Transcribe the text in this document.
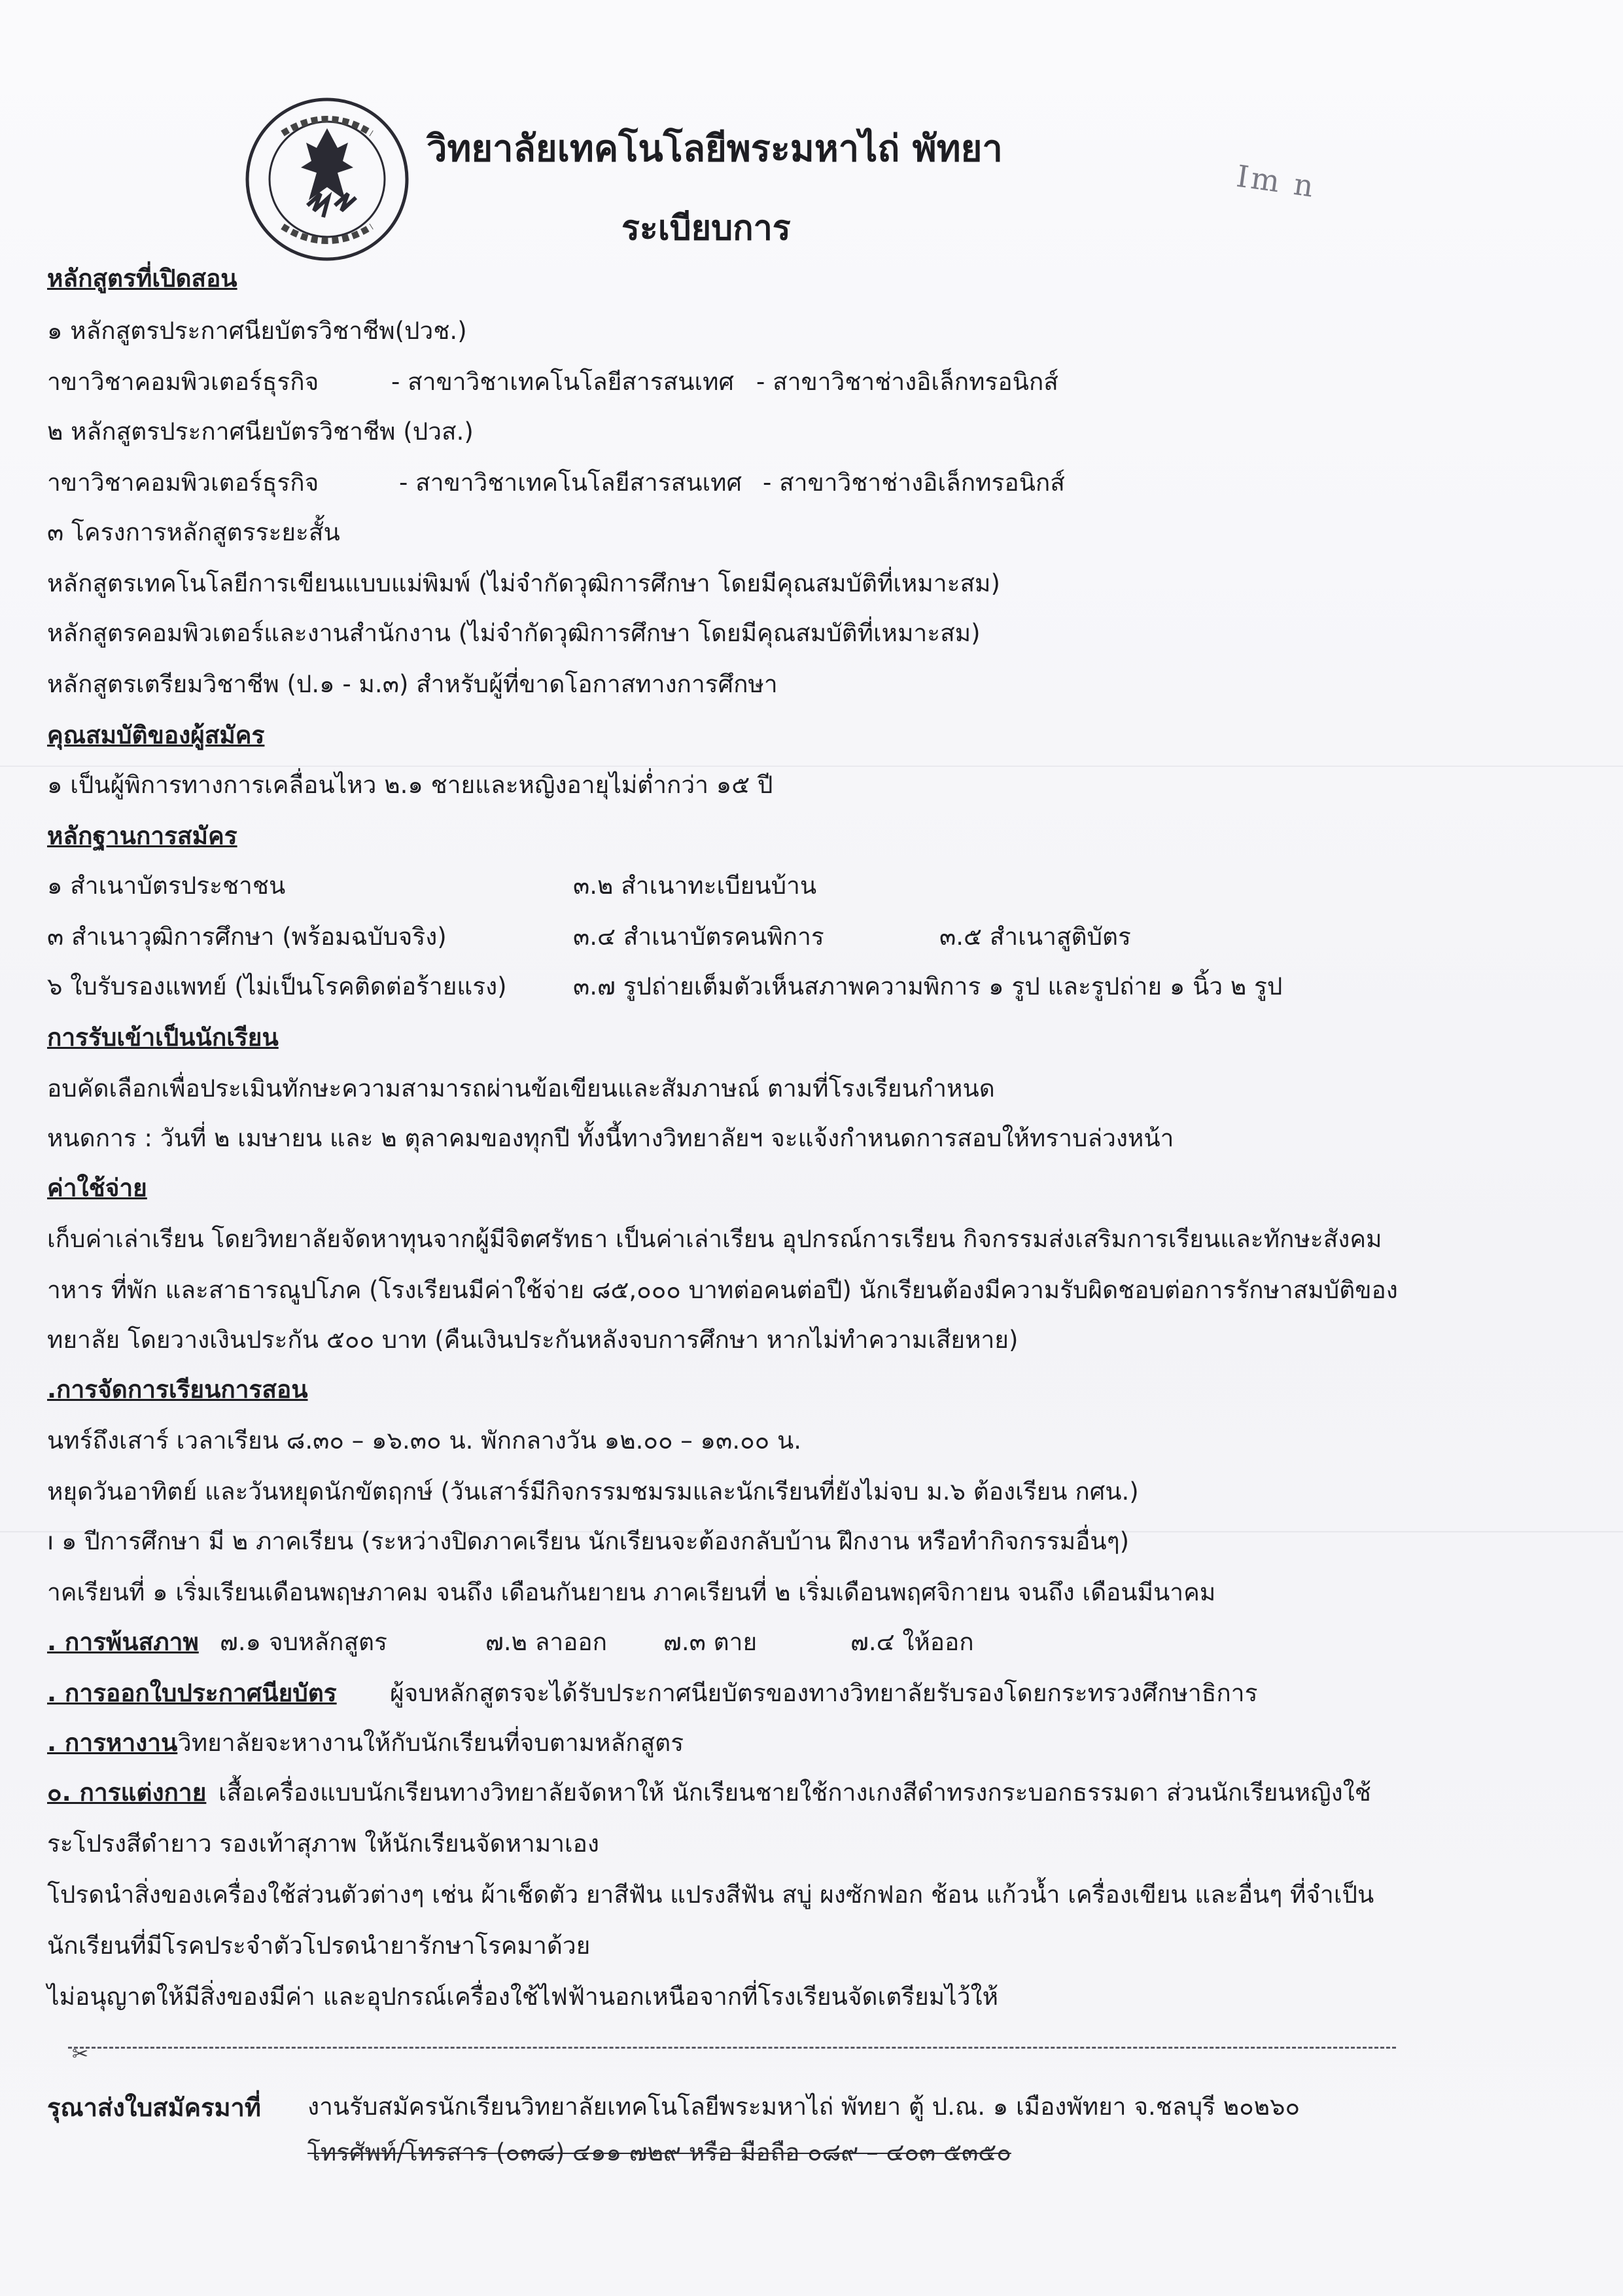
วิทยาลัยเทคโนโลยีพระมหาไถ่ พัทยา
ระเบียบการ
Im n
หลักสูตรที่เปิดสอน
๑ หลักสูตรประกาศนียบัตรวิชาชีพ(ปวช.)
าขาวิชาคอมพิวเตอร์ธุรกิจ	- สาขาวิชาเทคโนโลยีสารสนเทศ - สาขาวิชาช่างอิเล็กทรอนิกส์
๒ หลักสูตรประกาศนียบัตรวิชาชีพ (ปวส.)
าขาวิชาคอมพิวเตอร์ธุรกิจ	- สาขาวิชาเทคโนโลยีสารสนเทศ - สาขาวิชาช่างอิเล็กทรอนิกส์
๓ โครงการหลักสูตรระยะสั้น
หลักสูตรเทคโนโลยีการเขียนแบบแม่พิมพ์ (ไม่จำกัดวุฒิการศึกษา โดยมีคุณสมบัติที่เหมาะสม)
หลักสูตรคอมพิวเตอร์และงานสำนักงาน (ไม่จำกัดวุฒิการศึกษา โดยมีคุณสมบัติที่เหมาะสม)
หลักสูตรเตรียมวิชาชีพ (ป.๑ - ม.๓) สำหรับผู้ที่ขาดโอกาสทางการศึกษา
คุณสมบัติของผู้สมัคร
๑ เป็นผู้พิการทางการเคลื่อนไหว ๒.๑ ชายและหญิงอายุไม่ต่ำกว่า ๑๕ ปี
หลักฐานการสมัคร
๑ สำเนาบัตรประชาชน	๓.๒ สำเนาทะเบียนบ้าน
๓ สำเนาวุฒิการศึกษา (พร้อมฉบับจริง)	๓.๔ สำเนาบัตรคนพิการ	๓.๕ สำเนาสูติบัตร
๖ ใบรับรองแพทย์ (ไม่เป็นโรคติดต่อร้ายแรง)	๓.๗ รูปถ่ายเต็มตัวเห็นสภาพความพิการ ๑ รูป และรูปถ่าย ๑ นิ้ว ๒ รูป
การรับเข้าเป็นนักเรียน
อบคัดเลือกเพื่อประเมินทักษะความสามารถผ่านข้อเขียนและสัมภาษณ์ ตามที่โรงเรียนกำหนด
หนดการ : วันที่ ๒ เมษายน และ ๒ ตุลาคมของทุกปี ทั้งนี้ทางวิทยาลัยฯ จะแจ้งกำหนดการสอบให้ทราบล่วงหน้า
ค่าใช้จ่าย
เก็บค่าเล่าเรียน โดยวิทยาลัยจัดหาทุนจากผู้มีจิตศรัทธา เป็นค่าเล่าเรียน อุปกรณ์การเรียน กิจกรรมส่งเสริมการเรียนและทักษะสังคม
าหาร ที่พัก และสาธารณูปโภค (โรงเรียนมีค่าใช้จ่าย ๘๕,๐๐๐ บาทต่อคนต่อปี) นักเรียนต้องมีความรับผิดชอบต่อการรักษาสมบัติของ
ทยาลัย โดยวางเงินประกัน ๕๐๐ บาท (คืนเงินประกันหลังจบการศึกษา หากไม่ทำความเสียหาย)
.การจัดการเรียนการสอน
นทร์ถึงเสาร์ เวลาเรียน ๘.๓๐ – ๑๖.๓๐ น. พักกลางวัน ๑๒.๐๐ – ๑๓.๐๐ น.
หยุดวันอาทิตย์ และวันหยุดนักขัตฤกษ์ (วันเสาร์มีกิจกรรมชมรมและนักเรียนที่ยังไม่จบ ม.๖ ต้องเรียน กศน.)
ı ๑ ปีการศึกษา มี ๒ ภาคเรียน (ระหว่างปิดภาคเรียน นักเรียนจะต้องกลับบ้าน ฝึกงาน หรือทำกิจกรรมอื่นๆ)
าคเรียนที่ ๑ เริ่มเรียนเดือนพฤษภาคม จนถึง เดือนกันยายน ภาคเรียนที่ ๒ เริ่มเดือนพฤศจิกายน จนถึง เดือนมีนาคม
. การพ้นสภาพ ๗.๑ จบหลักสูตร	๗.๒ ลาออก ๗.๓ ตาย	๗.๔ ให้ออก
. การออกใบประกาศนียบัตร ผู้จบหลักสูตรจะได้รับประกาศนียบัตรของทางวิทยาลัยรับรองโดยกระทรวงศึกษาธิการ
. การหางาน วิทยาลัยจะหางานให้กับนักเรียนที่จบตามหลักสูตร
๐. การแต่งกาย เสื้อเครื่องแบบนักเรียนทางวิทยาลัยจัดหาให้ นักเรียนชายใช้กางเกงสีดำทรงกระบอกธรรมดา ส่วนนักเรียนหญิงใช้
ระโปรงสีดำยาว รองเท้าสุภาพ ให้นักเรียนจัดหามาเอง
โปรดนำสิ่งของเครื่องใช้ส่วนตัวต่างๆ เช่น ผ้าเช็ดตัว ยาสีฟัน แปรงสีฟัน สบู่ ผงซักฟอก ช้อน แก้วน้ำ เครื่องเขียน และอื่นๆ ที่จำเป็น
นักเรียนที่มีโรคประจำตัวโปรดนำยารักษาโรคมาด้วย
ไม่อนุญาตให้มีสิ่งของมีค่า และอุปกรณ์เครื่องใช้ไฟฟ้านอกเหนือจากที่โรงเรียนจัดเตรียมไว้ให้
✂
รุณาส่งใบสมัครมาที่ งานรับสมัครนักเรียนวิทยาลัยเทคโนโลยีพระมหาไถ่ พัทยา ตู้ ป.ณ. ๑ เมืองพัทยา จ.ชลบุรี ๒๐๒๖๐
โทรศัพท์/โทรสาร (๐๓๘) ๔๑๑ ๗๒๙ หรือ มือถือ ๐๘๙ – ๔๐๓ ๕๓๕๐
